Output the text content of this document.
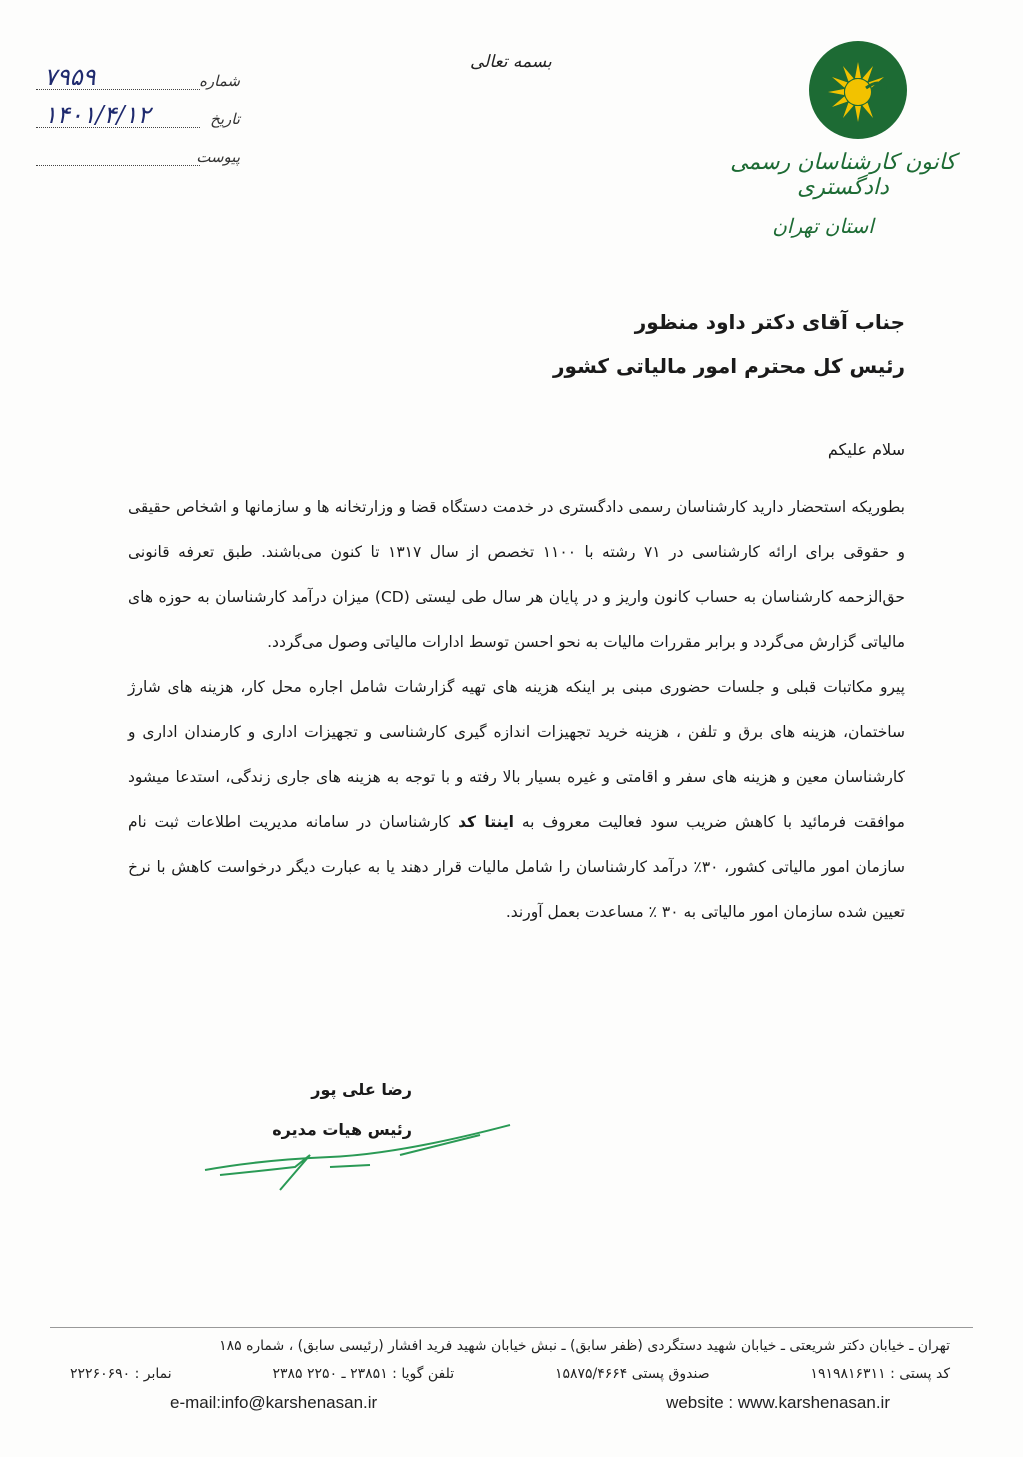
شماره
۷۹۵۹
تاریخ
۱۴۰۱/۴/۱۲
پیوست
بسمه تعالی
کانون کارشناسان رسمی دادگستری
استان تهران
جناب آقای دکتر داود منظور
رئیس کل محترم امور مالیاتی کشور
سلام علیکم

بطوریکه استحضار دارید کارشناسان رسمی دادگستری در خدمت دستگاه قضا و وزارتخانه ها و سازمانها و اشخاص حقیقی و حقوقی برای ارائه کارشناسی در ۷۱ رشته با ۱۱۰۰ تخصص از سال ۱۳۱۷ تا کنون می‌باشند. طبق تعرفه قانونی حق‌الزحمه کارشناسان به حساب کانون واریز و در پایان هر سال طی لیستی (CD) میزان درآمد کارشناسان به حوزه های مالیاتی گزارش می‌گردد و برابر مقررات مالیات به نحو احسن توسط ادارات مالیاتی وصول می‌گردد.

پیرو مکاتبات قبلی و جلسات حضوری مبنی بر اینکه هزینه های تهیه گزارشات شامل اجاره محل کار، هزینه های شارژ ساختمان، هزینه های برق و تلفن ، هزینه خرید تجهیزات اندازه گیری کارشناسی و تجهیزات اداری و کارمندان اداری و کارشناسان معین و هزینه های سفر و اقامتی و غیره بسیار بالا رفته و با توجه به هزینه های جاری زندگی، استدعا میشود موافقت فرمائید با کاهش ضریب سود فعالیت معروف به اینتا کد کارشناسان در سامانه مدیریت اطلاعات ثبت نام سازمان امور مالیاتی کشور، ۳۰٪ درآمد کارشناسان را شامل مالیات قرار دهند یا به عبارت دیگر درخواست کاهش با نرخ تعیین شده سازمان امور مالیاتی به ۳۰ ٪ مساعدت بعمل آورند.

رضا علی پور
رئیس هیات مدیره
تهران ـ خیابان دکتر شریعتی ـ خیابان شهید دستگردی (ظفر سابق) ـ نبش خیابان شهید فرید افشار (رئیسی سابق) ، شماره ۱۸۵
کد پستی : ۱۹۱۹۸۱۶۳۱۱
صندوق پستی ۱۵۸۷۵/۴۶۶۴
تلفن گویا : ۲۳۸۵۱ ـ ۲۲۵۰ ۲۳۸۵
نمابر : ۲۲۲۶۰۶۹۰
e-mail:info@karshenasan.ir	website : www.karshenasan.ir
